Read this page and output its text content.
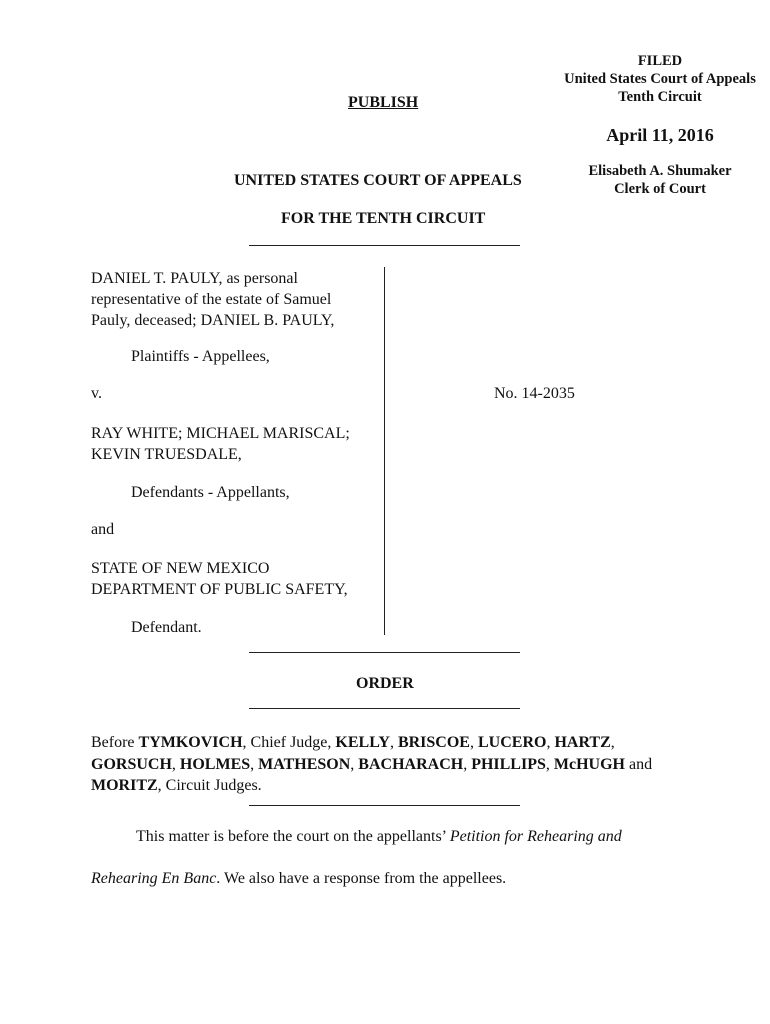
FILED
United States Court of Appeals
Tenth Circuit
April 11, 2016
Elisabeth A. Shumaker
Clerk of Court
PUBLISH
UNITED STATES COURT OF APPEALS
FOR THE TENTH CIRCUIT
DANIEL T. PAULY, as personal
representative of the estate of Samuel
Pauly, deceased; DANIEL B. PAULY,
Plaintiffs - Appellees,
v.
RAY WHITE; MICHAEL MARISCAL;
KEVIN TRUESDALE,
Defendants - Appellants,
and
STATE OF NEW MEXICO
DEPARTMENT OF PUBLIC SAFETY,
Defendant.
No. 14-2035
ORDER
Before TYMKOVICH, Chief Judge, KELLY, BRISCOE, LUCERO, HARTZ,
GORSUCH, HOLMES, MATHESON, BACHARACH, PHILLIPS, McHUGH and
MORITZ, Circuit Judges.
This matter is before the court on the appellants’ Petition for Rehearing and
Rehearing En Banc. We also have a response from the appellees.
